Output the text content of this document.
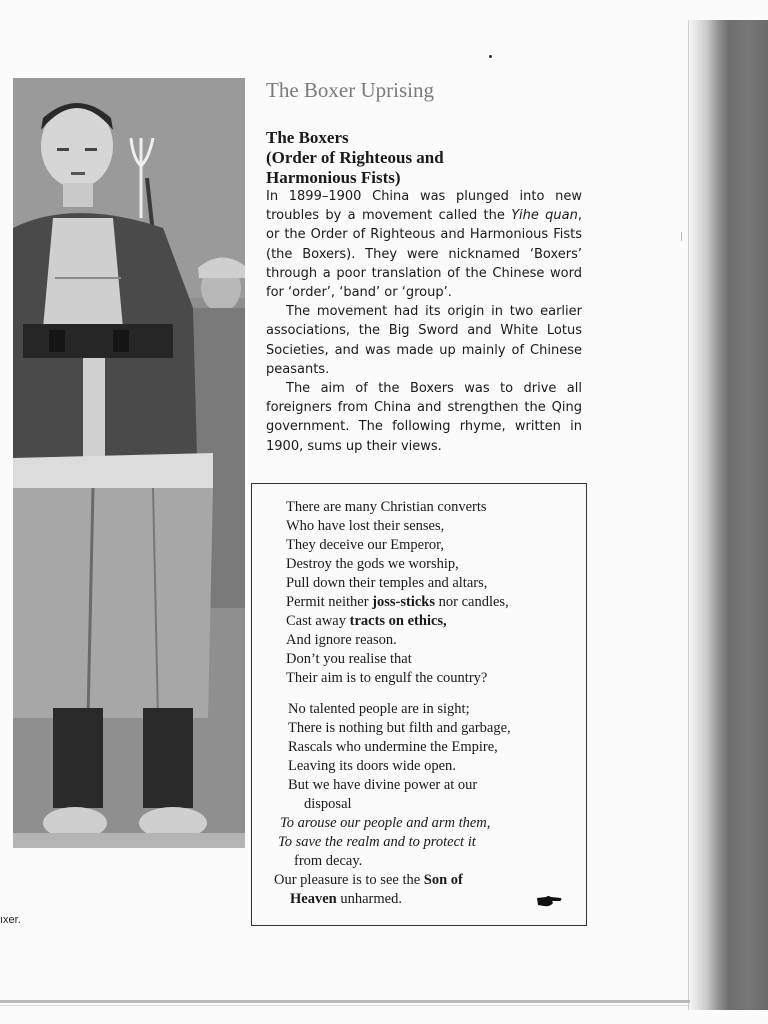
ıxer.
The Boxer Uprising
The Boxers
(Order of Righteous and
Harmonious Fists)

In 1899–1900 China was plunged into new troubles by a movement called the Yihe quan, or the Order of Righteous and Harmonious Fists (the Boxers). They were nicknamed ‘Boxers’ through a poor translation of the Chinese word for ‘order’, ‘band’ or ‘group’.

The movement had its origin in two earlier associations, the Big Sword and White Lotus Societies, and was made up mainly of Chinese peasants.

The aim of the Boxers was to drive all foreigners from China and strengthen the Qing government. The following rhyme, written in 1900, sums up their views.

There are many Christian converts
Who have lost their senses,
They deceive our Emperor,
Destroy the gods we worship,
Pull down their temples and altars,
Permit neither joss-sticks nor candles,
Cast away tracts on ethics,
And ignore reason.
Don’t you realise that
Their aim is to engulf the country?
No talented people are in sight;
There is nothing but filth and garbage,
Rascals who undermine the Empire,
Leaving its doors wide open.
But we have divine power at our
disposal
To arouse our people and arm them,
To save the realm and to protect it
from decay.
Our pleasure is to see the Son of
Heaven unharmed.
